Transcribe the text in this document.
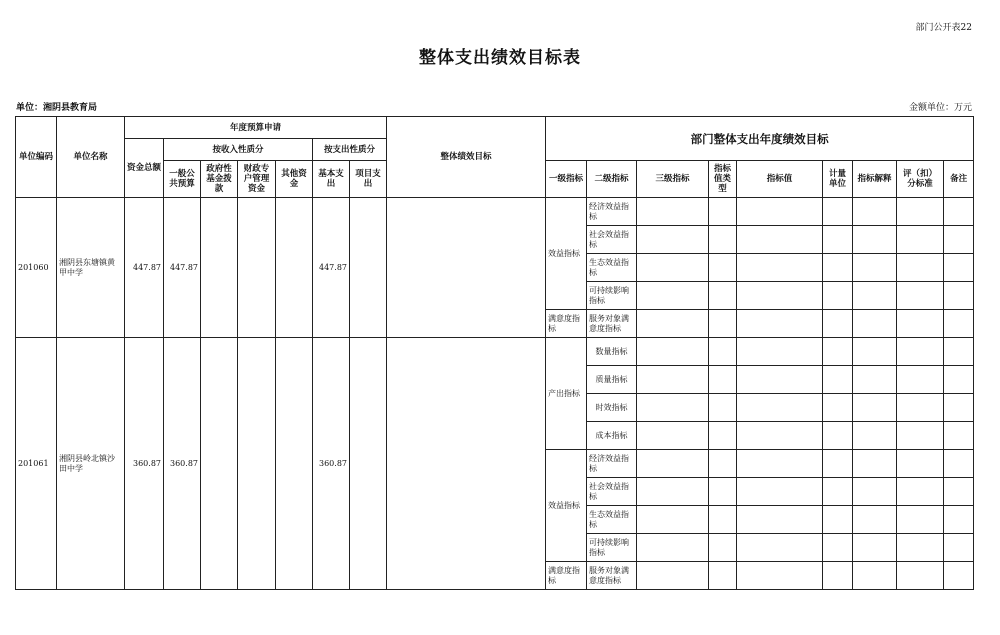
部门公开表22
整体支出绩效目标表
单位：湘阴县教育局	金额单位：万元
单位编码	单位名称	年度预算申请							整体绩效目标	部门整体支出年度绩效目标								
		资金总额	按收入性质分				按支出性质分											
			一般公共预算	政府性基金拨款	财政专户管理资金	其他资金	基本支出	项目支出		一级指标	二级指标	三级指标	指标值类型	指标值	计量单位	指标解释	评（扣）分标准	备注
201060	湘阴县东塘镇黄甲中学	447.87	447.87				447.87			效益指标	经济效益指标							
											社会效益指标							
											生态效益指标							
											可持续影响指标							
										满意度指标	服务对象满意度指标							
201061	湘阴县岭北镇沙田中学	360.87	360.87				360.87			产出指标	数量指标							
											质量指标							
											时效指标							
											成本指标							
										效益指标	经济效益指标							
											社会效益指标							
											生态效益指标							
											可持续影响指标							
										满意度指标	服务对象满意度指标							
